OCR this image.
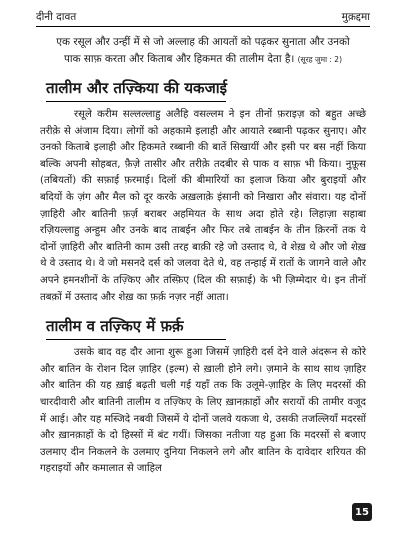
दीनी दावत	मुक़द्दमा
एक रसूल और उन्हीं में से जो अल्लाह की आयतों को पढ़कर सुनाता और उनको पाक साफ़ करता और किताब और हिकमत की तालीम देता है। (सूरह जुमा : 2)
तालीम और तज़्किया की यकजाई

रसूले करीम सल्लल्लाहु अलैहि वसल्लम ने इन तीनों फ़राइज़ को बहुत अच्छे तरीक़े से अंजाम दिया। लोगों को अहकामे इलाही और आयाते रब्बानी पढ़कर सुनाए। और उनको किताबे इलाही और हिकमते रब्बानी की बातें सिखायीं और इसी पर बस नहीं किया बल्कि अपनी सोहबत, फ़ैज़े तासीर और तरीक़े तदबीर से पाक व साफ़ भी किया। नुफ़ूस (तबियतों) की सफ़ाई फ़रमाई। दिलों की बीमारियों का इलाज किया और बुराइयों और बदियों के ज़ंग और मैल को दूर करके अख़लाक़े इंसानी को निखारा और संवारा। यह दोनों ज़ाहिरी और बातिनी फ़र्ज़ बराबर अहमियत के साथ अदा होते रहे। लिहाज़ा सहाबा रज़ियल्लाहु अन्हुम और उनके बाद ताबईन और फिर तबे ताबईन के तीन क़िरनों तक ये दोनों ज़ाहिरी और बातिनी काम उसी तरह बाक़ी रहे जो उस्ताद थे, वे शेख़ थे और जो शेख़ थे वे उस्ताद थे। वे जो मसनदे दर्स को जलवा देते थे, वह तन्हाई में रातों के जागने वाले और अपने हमनशीनों के तज़्किए और तस्फ़िए (दिल की सफ़ाई) के भी ज़िम्मेदार थे। इन तीनों तबक़ों में उस्ताद और शेख़ का फ़र्क़ नज़र नहीं आता।

तालीम व तज़्किए में फ़र्क़

उसके बाद वह दौर आना शुरू हुआ जिसमें ज़ाहिरी दर्स देने वाले अंदरून से कोरे और बातिन के रोशन दिल ज़ाहिर (इल्म) से ख़ाली होने लगे। ज़माने के साथ साथ ज़ाहिर और बातिन की यह ख़ाई बढ़ती चली गई यहाँ तक कि उलूमे-ज़ाहिर के लिए मदरसों की चारदीवारी और बातिनी तालीम व तज़्किए के लिए ख़ानक़ाहों और सरायों की तामीर वजूद में आई। और यह मस्जिदे नबवी जिसमें ये दोनों जलवे यकजा थे, उसकी तजल्लियाँ मदरसों और ख़ानक़ाहों के दो हिस्सों में बंट गयीं। जिसका नतीजा यह हुआ कि मदरसों से बजाए उलमाए दीन निकलने के उलमाए दुनिया निकलने लगे और बातिन के दावेदार शरियत की गहराइयों और कमालात से जाहिल

15
